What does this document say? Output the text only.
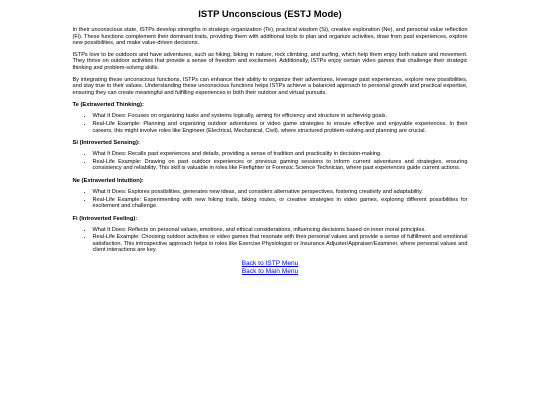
ISTP Unconscious (ESTJ Mode)

In their unconscious state, ISTPs develop strengths in strategic organization (Te), practical wisdom (Si), creative exploration (Ne), and personal value reflection (Fi). These functions complement their dominant traits, providing them with additional tools to plan and organize activities, draw from past experiences, explore new possibilities, and make value-driven decisions.

ISTPs love to be outdoors and have adventures, such as hiking, biking in nature, rock climbing, and surfing, which help them enjoy both nature and movement. They thrive on outdoor activities that provide a sense of freedom and excitement. Additionally, ISTPs enjoy certain video games that challenge their strategic thinking and problem-solving skills.

By integrating these unconscious functions, ISTPs can enhance their ability to organize their adventures, leverage past experiences, explore new possibilities, and stay true to their values. Understanding these unconscious functions helps ISTPs achieve a balanced approach to personal growth and practical expertise, ensuring they can create meaningful and fulfilling experiences in both their outdoor and virtual pursuits.

Te (Extraverted Thinking):
• What It Does: Focuses on organizing tasks and systems logically, aiming for efficiency and structure in achieving goals.
• Real-Life Example: Planning and organizing outdoor adventures or video game strategies to ensure effective and enjoyable experiences. In their careers, this might involve roles like Engineer (Electrical, Mechanical, Civil), where structured problem-solving and planning are crucial.
Si (Introverted Sensing):
• What It Does: Recalls past experiences and details, providing a sense of tradition and practicality in decision-making.
• Real-Life Example: Drawing on past outdoor experiences or previous gaming sessions to inform current adventures and strategies, ensuring consistency and reliability. This skill is valuable in roles like Firefighter or Forensic Science Technician, where past experiences guide current actions.
Ne (Extraverted Intuition):
• What It Does: Explores possibilities, generates new ideas, and considers alternative perspectives, fostering creativity and adaptability.
• Real-Life Example: Experimenting with new hiking trails, biking routes, or creative strategies in video games, exploring different possibilities for excitement and challenge.
Fi (Introverted Feeling):
• What It Does: Reflects on personal values, emotions, and ethical considerations, influencing decisions based on inner moral principles.
• Real-Life Example: Choosing outdoor activities or video games that resonate with their personal values and provide a sense of fulfillment and emotional satisfaction. This introspective approach helps in roles like Exercise Physiologist or Insurance Adjuster/Appraiser/Examiner, where personal values and client interactions are key.
Back to ISTP Menu
Back to Main Menu
